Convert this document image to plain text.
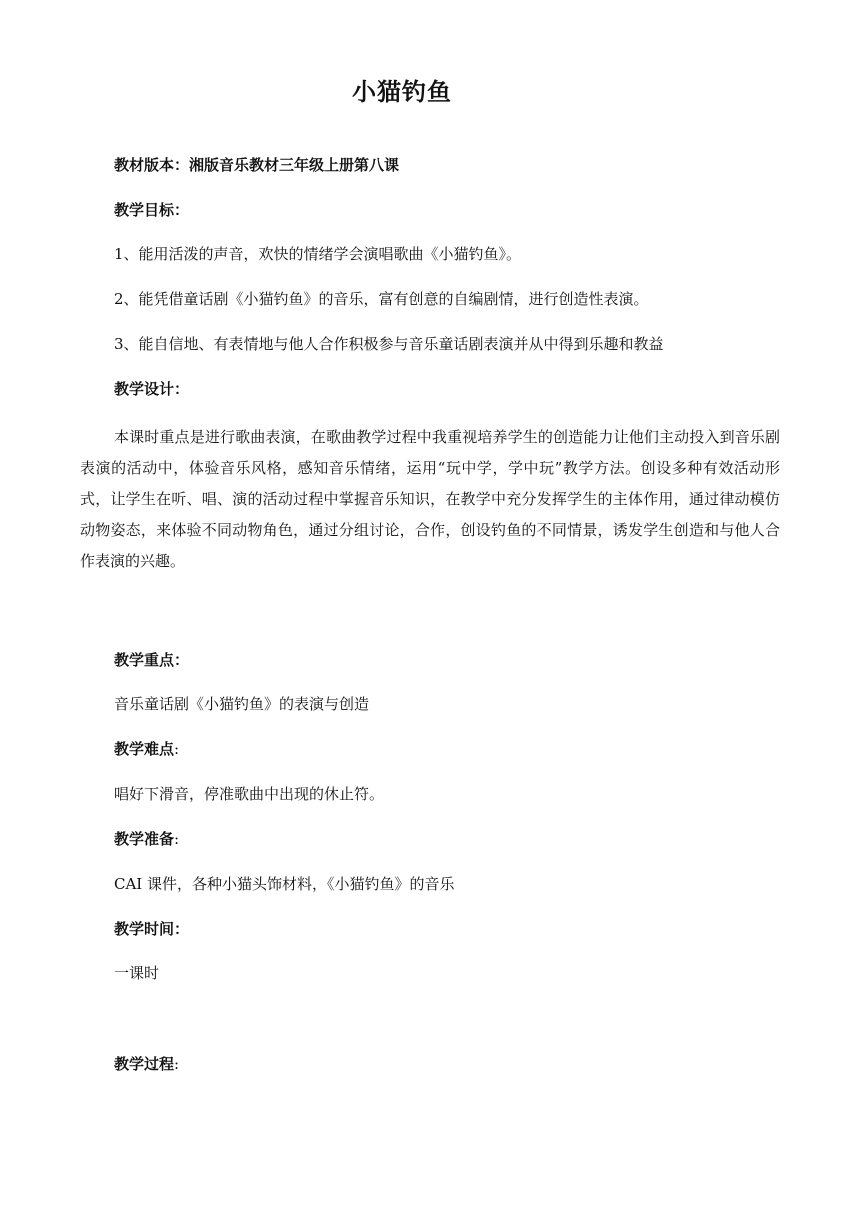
小猫钓鱼
教材版本：湘版音乐教材三年级上册第八课
教学目标：
1、能用活泼的声音，欢快的情绪学会演唱歌曲《小猫钓鱼》。
2、能凭借童话剧《小猫钓鱼》的音乐，富有创意的自编剧情，进行创造性表演。
3、能自信地、有表情地与他人合作积极参与音乐童话剧表演并从中得到乐趣和教益
教学设计：
本课时重点是进行歌曲表演，在歌曲教学过程中我重视培养学生的创造能力让他们主动投入到音乐剧表演的活动中，体验音乐风格，感知音乐情绪，运用“玩中学，学中玩”教学方法。创设多种有效活动形式，让学生在听、唱、演的活动过程中掌握音乐知识，在教学中充分发挥学生的主体作用，通过律动模仿动物姿态，来体验不同动物角色，通过分组讨论，合作，创设钓鱼的不同情景，诱发学生创造和与他人合作表演的兴趣。
教学重点：
音乐童话剧《小猫钓鱼》的表演与创造
教学难点:
唱好下滑音，停准歌曲中出现的休止符。
教学准备:
CAI 课件，各种小猫头饰材料，《小猫钓鱼》的音乐
教学时间：
一课时
教学过程:
